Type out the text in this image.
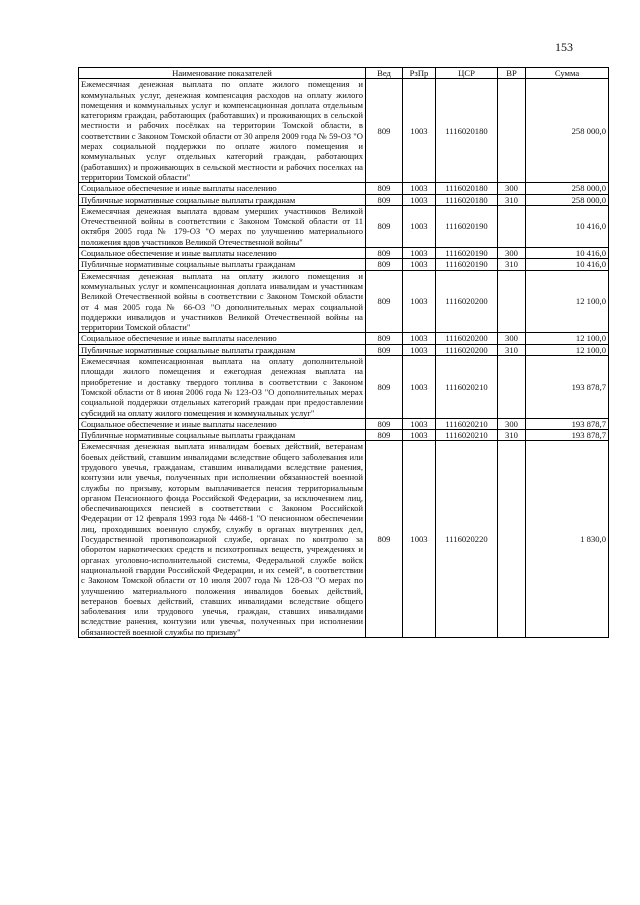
153
Наименование показателей	Вед	РзПр	ЦСР	ВР	Сумма
Ежемесячная денежная выплата по оплате жилого помещения и коммунальных услуг, денежная компенсация расходов на оплату жилого помещения и коммунальных услуг и компенсационная доплата отдельным категориям граждан, работающих (работавших) и проживающих в сельской местности и рабочих посёлках на территории Томской области, в соответствии с Законом Томской области от 30 апреля 2009 года № 59-ОЗ "О мерах социальной поддержки по оплате жилого помещения и коммунальных услуг отдельных категорий граждан, работающих (работавших) и проживающих в сельской местности и рабочих поселках на территории Томской области"	809	1003	1116020180		258 000,0
Социальное обеспечение и иные выплаты населению	809	1003	1116020180	300	258 000,0
Публичные нормативные социальные выплаты гражданам	809	1003	1116020180	310	258 000,0
Ежемесячная денежная выплата вдовам умерших участников Великой Отечественной войны в соответствии с Законом Томской области от 11 октября 2005 года № 179-ОЗ "О мерах по улучшению материального положения вдов участников Великой Отечественной войны"	809	1003	1116020190		10 416,0
Социальное обеспечение и иные выплаты населению	809	1003	1116020190	300	10 416,0
Публичные нормативные социальные выплаты гражданам	809	1003	1116020190	310	10 416,0
Ежемесячная денежная выплата на оплату жилого помещения и коммунальных услуг и компенсационная доплата инвалидам и участникам Великой Отечественной войны в соответствии с Законом Томской области от 4 мая 2005 года № 66-ОЗ "О дополнительных мерах социальной поддержки инвалидов и участников Великой Отечественной войны на территории Томской области"	809	1003	1116020200		12 100,0
Социальное обеспечение и иные выплаты населению	809	1003	1116020200	300	12 100,0
Публичные нормативные социальные выплаты гражданам	809	1003	1116020200	310	12 100,0
Ежемесячная компенсационная выплата на оплату дополнительной площади жилого помещения и ежегодная денежная выплата на приобретение и доставку твердого топлива в соответствии с Законом Томской области от 8 июня 2006 года № 123-ОЗ "О дополнительных мерах социальной поддержки отдельных категорий граждан при предоставлении субсидий на оплату жилого помещения и коммунальных услуг"	809	1003	1116020210		193 878,7
Социальное обеспечение и иные выплаты населению	809	1003	1116020210	300	193 878,7
Публичные нормативные социальные выплаты гражданам	809	1003	1116020210	310	193 878,7
Ежемесячная денежная выплата инвалидам боевых действий, ветеранам боевых действий, ставшим инвалидами вследствие общего заболевания или трудового увечья, гражданам, ставшим инвалидами вследствие ранения, контузии или увечья, полученных при исполнении обязанностей военной службы по призыву, которым выплачивается пенсия территориальным органом Пенсионного фонда Российской Федерации, за исключением лиц, обеспечивающихся пенсией в соответствии с Законом Российской Федерации от 12 февраля 1993 года № 4468-1 "О пенсионном обеспечении лиц, проходивших военную службу, службу в органах внутренних дел, Государственной противопожарной службе, органах по контролю за оборотом наркотических средств и психотропных веществ, учреждениях и органах уголовно-исполнительной системы, Федеральной службе войск национальной гвардии Российской Федерации, и их семей", в соответствии с Законом Томской области от 10 июля 2007 года № 128-ОЗ "О мерах по улучшению материального положения инвалидов боевых действий, ветеранов боевых действий, ставших инвалидами вследствие общего заболевания или трудового увечья, граждан, ставших инвалидами вследствие ранения, контузии или увечья, полученных при исполнении обязанностей военной службы по призыву"	809	1003	1116020220		1 830,0
